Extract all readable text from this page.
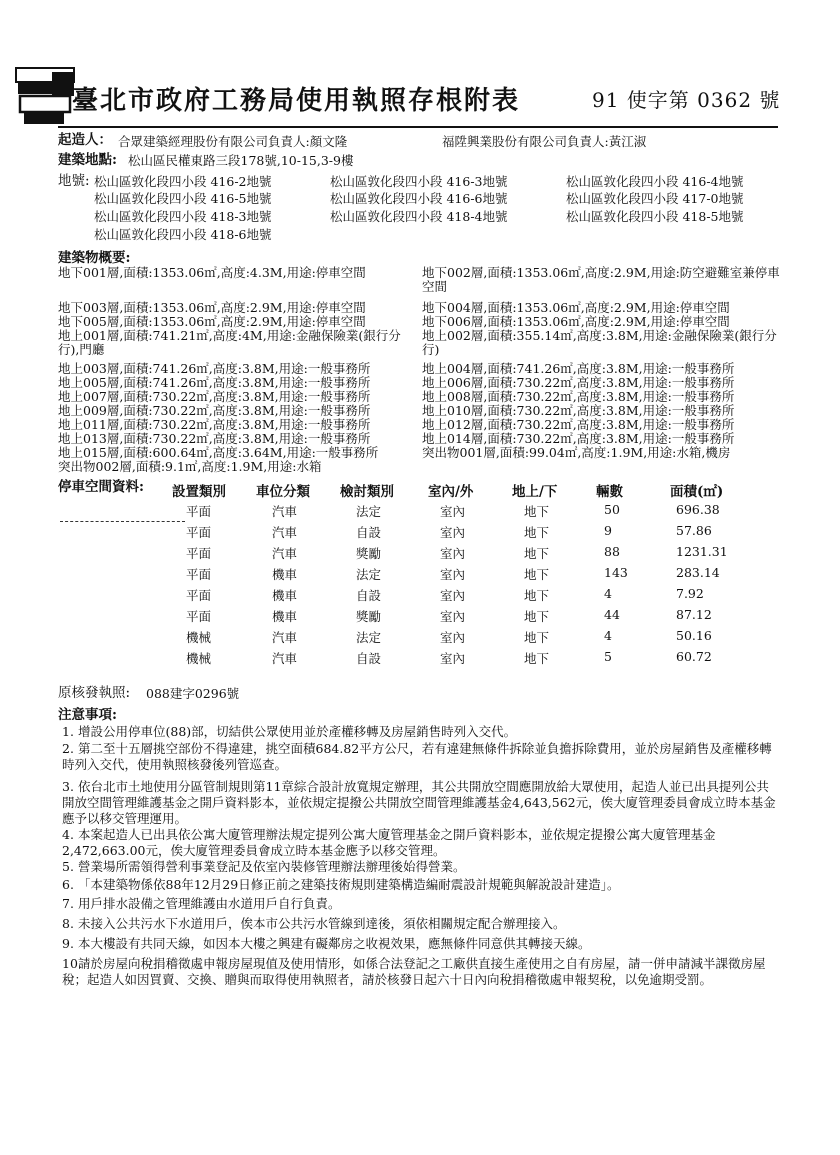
臺北市政府工務局使用執照存根附表	91 使字第 0362 號
起造人： 合眾建築經理股份有限公司負責人:顏文隆	福陞興業股份有限公司負責人:黃江淑
建築地點: 松山區民權東路三段178號,10-15,3-9樓
地號: 松山區敦化段四小段 416-2地號	松山區敦化段四小段 416-3地號	松山區敦化段四小段 416-4地號
松山區敦化段四小段 416-5地號	松山區敦化段四小段 416-6地號	松山區敦化段四小段 417-0地號
松山區敦化段四小段 418-3地號	松山區敦化段四小段 418-4地號	松山區敦化段四小段 418-5地號
松山區敦化段四小段 418-6地號
建築物概要:
地下001層,面積:1353.06㎡,高度:4.3M,用途:停車空間	地下002層,面積:1353.06㎡,高度:2.9M,用途:防空避難室兼停車空間
地下003層,面積:1353.06㎡,高度:2.9M,用途:停車空間	地下004層,面積:1353.06㎡,高度:2.9M,用途:停車空間
地下005層,面積:1353.06㎡,高度:2.9M,用途:停車空間	地下006層,面積:1353.06㎡,高度:2.9M,用途:停車空間
地上001層,面積:741.21㎡,高度:4M,用途:金融保險業(銀行分行),門廳
地上002層,面積:355.14㎡,高度:3.8M,用途:金融保險業(銀行分行)
地上003層,面積:741.26㎡,高度:3.8M,用途:一般事務所	地上004層,面積:741.26㎡,高度:3.8M,用途:一般事務所
地上005層,面積:741.26㎡,高度:3.8M,用途:一般事務所	地上006層,面積:730.22㎡,高度:3.8M,用途:一般事務所
地上007層,面積:730.22㎡,高度:3.8M,用途:一般事務所	地上008層,面積:730.22㎡,高度:3.8M,用途:一般事務所
地上009層,面積:730.22㎡,高度:3.8M,用途:一般事務所	地上010層,面積:730.22㎡,高度:3.8M,用途:一般事務所
地上011層,面積:730.22㎡,高度:3.8M,用途:一般事務所	地上012層,面積:730.22㎡,高度:3.8M,用途:一般事務所
地上013層,面積:730.22㎡,高度:3.8M,用途:一般事務所	地上014層,面積:730.22㎡,高度:3.8M,用途:一般事務所
地上015層,面積:600.64㎡,高度:3.64M,用途:一般事務所	突出物001層,面積:99.04㎡,高度:1.9M,用途:水箱,機房
突出物002層,面積:9.1㎡,高度:1.9M,用途:水箱
停車空間資料: 設置類別 車位分類 檢討類別	室內/外	地上/下	輛數	面積(㎡)
平面	汽車	法定	室內	地下	50	696.38
平面	汽車	自設	室內	地下	9	57.86
平面	汽車	獎勵	室內	地下	88	1231.31
平面	機車	法定	室內	地下	143	283.14
平面	機車	自設	室內	地下	4	7.92
平面	機車	獎勵	室內	地下	44	87.12
機械	汽車	法定	室內	地下	4	50.16
機械	汽車	自設	室內	地下	5	60.72
原核發執照: 088建字0296號
注意事項:
1. 增設公用停車位(88)部，切結供公眾使用並於產權移轉及房屋銷售時列入交代。
2. 第二至十五層挑空部份不得違建，挑空面積684.82平方公尺，若有違建無條件拆除並負擔拆除費用，並於房屋銷售及產權移轉時列入交代，使用執照核發後列管巡查。
3. 依台北市土地使用分區管制規則第11章綜合設計放寬規定辦理，其公共開放空間應開放給大眾使用，起造人並已出具提列公共開放空間管理維護基金之開戶資料影本，並依規定提撥公共開放空間管理維護基金4,643,562元，俟大廈管理委員會成立時本基金應予以移交管理運用。
4. 本案起造人已出具依公寓大廈管理辦法規定提列公寓大廈管理基金之開戶資料影本，並依規定提撥公寓大廈管理基金2,472,663.00元，俟大廈管理委員會成立時本基金應予以移交管理。
5. 營業場所需領得營利事業登記及依室內裝修管理辦法辦理後始得營業。
6. 「本建築物係依88年12月29日修正前之建築技術規則建築構造編耐震設計規範與解說設計建造」。
7. 用戶排水設備之管理維護由水道用戶自行負責。
8. 未接入公共污水下水道用戶，俟本市公共污水管線到達後，須依相關規定配合辦理接入。
9. 本大樓設有共同天線，如因本大樓之興建有礙鄰房之收視效果，應無條件同意供其轉接天線。
10.請於房屋向稅捐稽徵處申報房屋現值及使用情形，如係合法登記之工廠供直接生產使用之自有房屋，請一併申請減半課徵房屋稅；起造人如因買賣、交換、贈與而取得使用執照者，請於核發日起六十日內向稅捐稽徵處申報契稅，以免逾期受罰。
